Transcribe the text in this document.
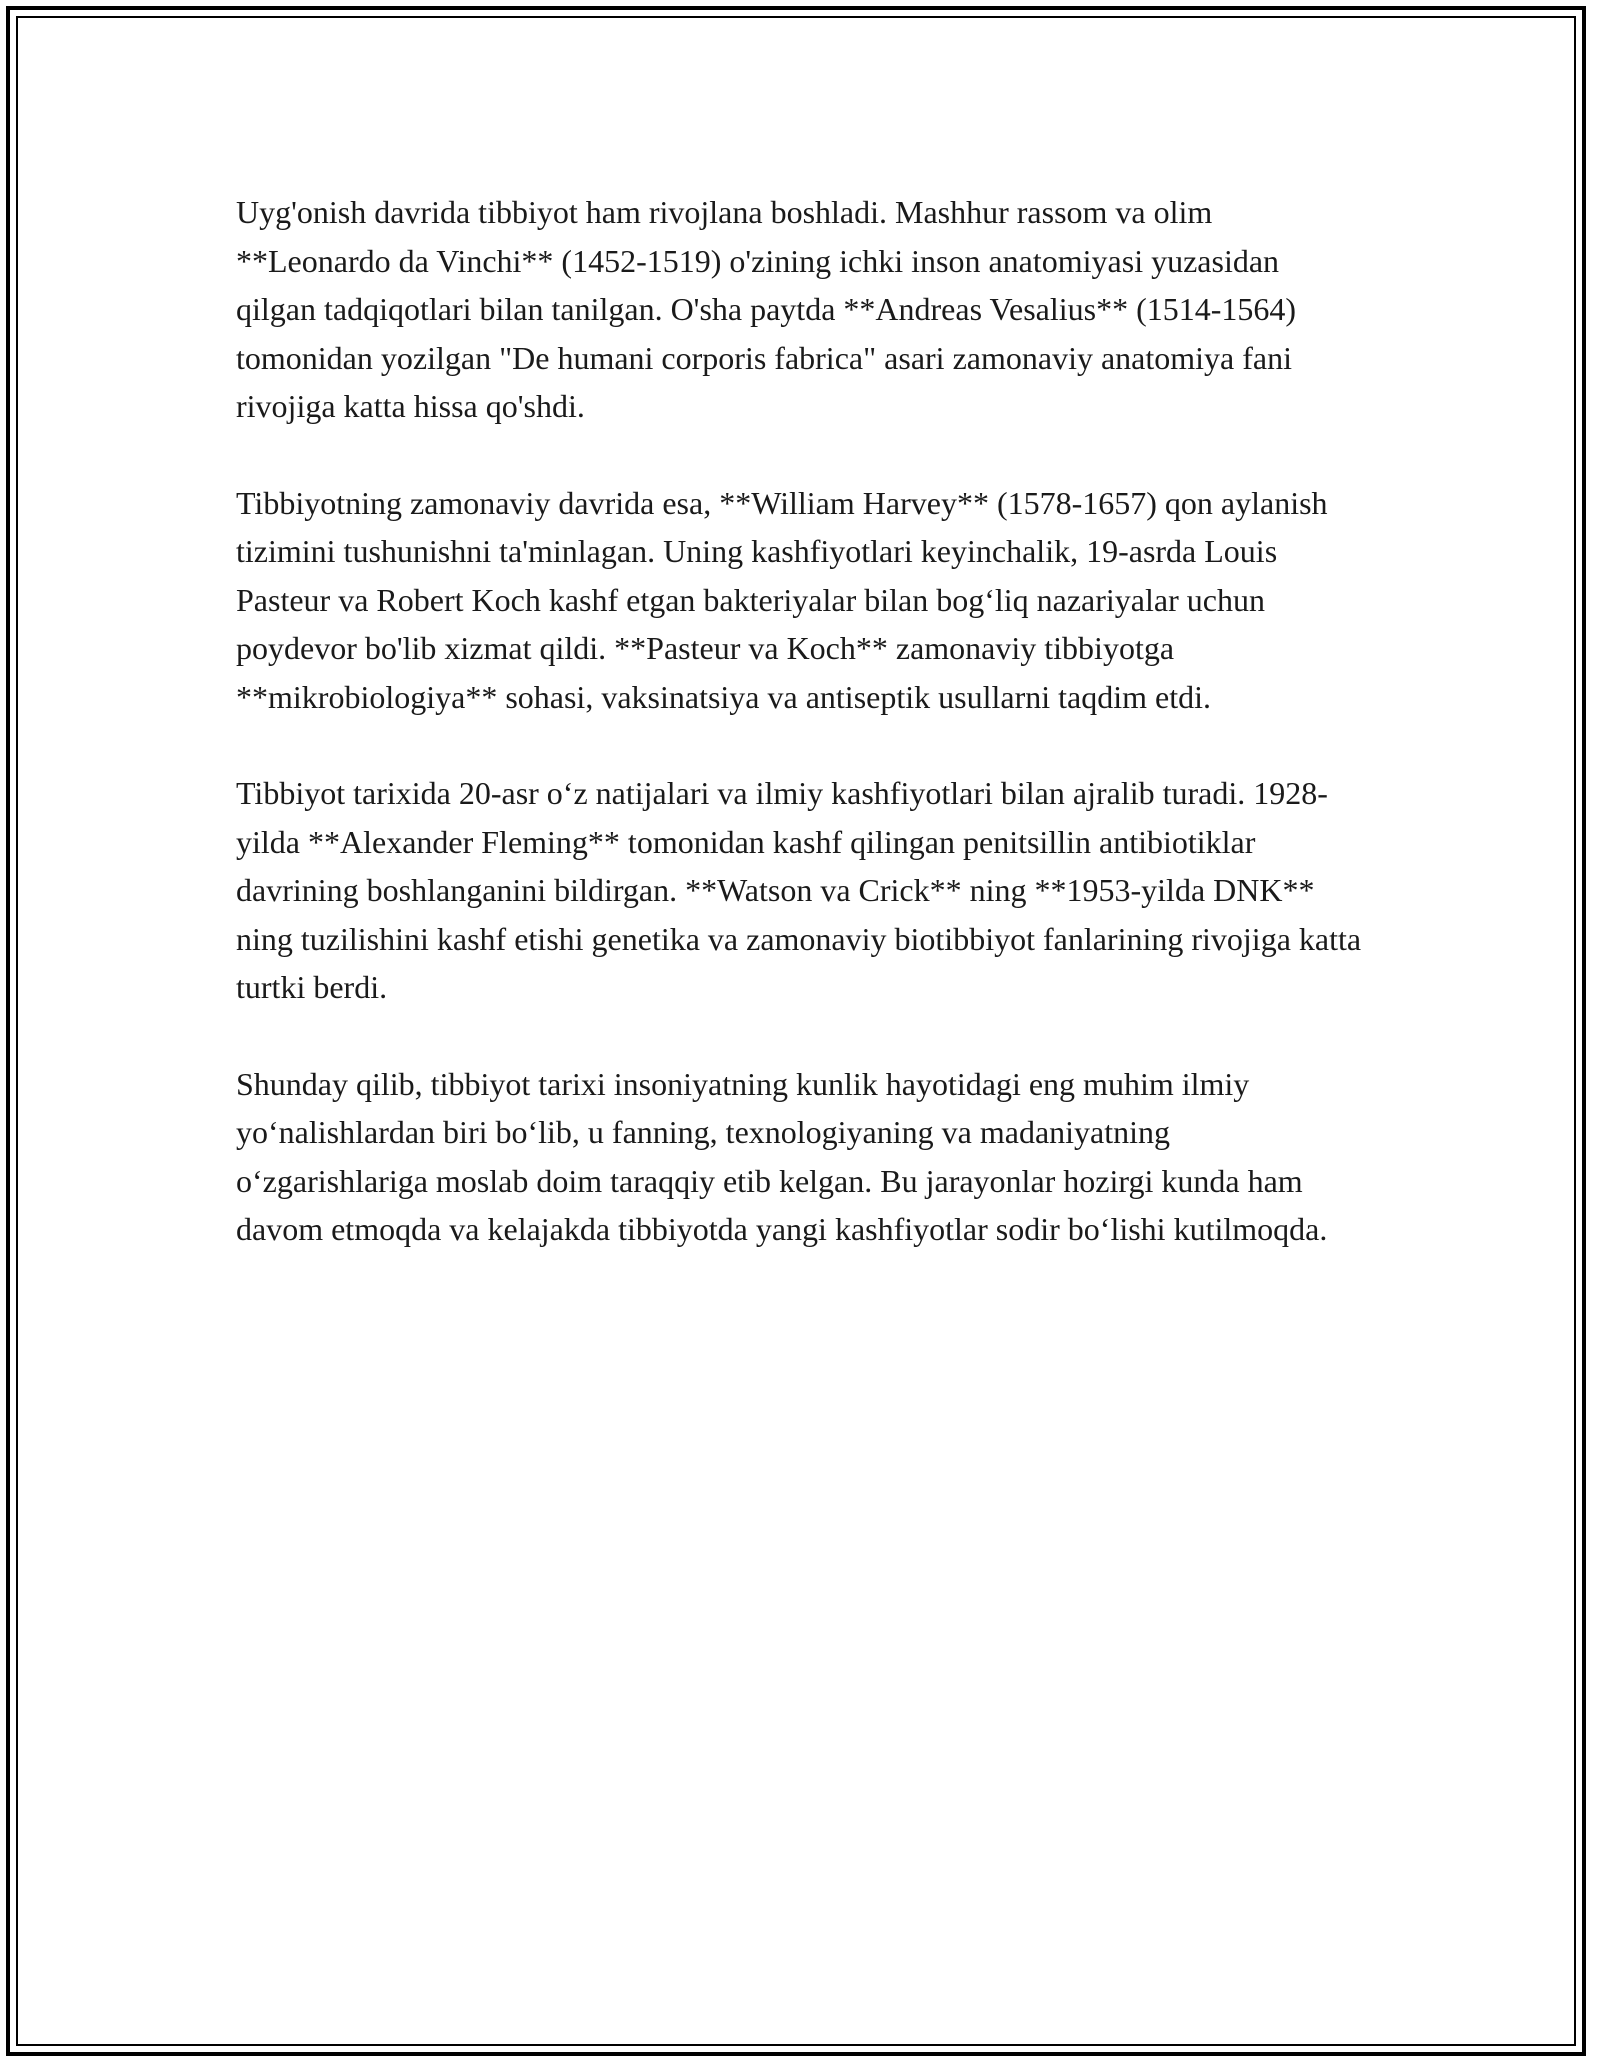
Uyg'onish davrida tibbiyot ham rivojlana boshladi. Mashhur rassom va olim **Leonardo da Vinchi** (1452-1519) o'zining ichki inson anatomiyasi yuzasidan qilgan tadqiqotlari bilan tanilgan. O'sha paytda **Andreas Vesalius** (1514-1564) tomonidan yozilgan "De humani corporis fabrica" asari zamonaviy anatomiya fani rivojiga katta hissa qo'shdi.

Tibbiyotning zamonaviy davrida esa, **William Harvey** (1578-1657) qon aylanish tizimini tushunishni ta'minlagan. Uning kashfiyotlari keyinchalik, 19-asrda Louis Pasteur va Robert Koch kashf etgan bakteriyalar bilan bog‘liq nazariyalar uchun poydevor bo'lib xizmat qildi. **Pasteur va Koch** zamonaviy tibbiyotga **mikrobiologiya** sohasi, vaksinatsiya va antiseptik usullarni taqdim etdi.

Tibbiyot tarixida 20-asr o‘z natijalari va ilmiy kashfiyotlari bilan ajralib turadi. 1928-yilda **Alexander Fleming** tomonidan kashf qilingan penitsillin antibiotiklar davrining boshlanganini bildirgan. **Watson va Crick** ning **1953-yilda DNK** ning tuzilishini kashf etishi genetika va zamonaviy biotibbiyot fanlarining rivojiga katta turtki berdi.

Shunday qilib, tibbiyot tarixi insoniyatning kunlik hayotidagi eng muhim ilmiy yo‘nalishlardan biri bo‘lib, u fanning, texnologiyaning va madaniyatning o‘zgarishlariga moslab doim taraqqiy etib kelgan. Bu jarayonlar hozirgi kunda ham davom etmoqda va kelajakda tibbiyotda yangi kashfiyotlar sodir bo‘lishi kutilmoqda.
